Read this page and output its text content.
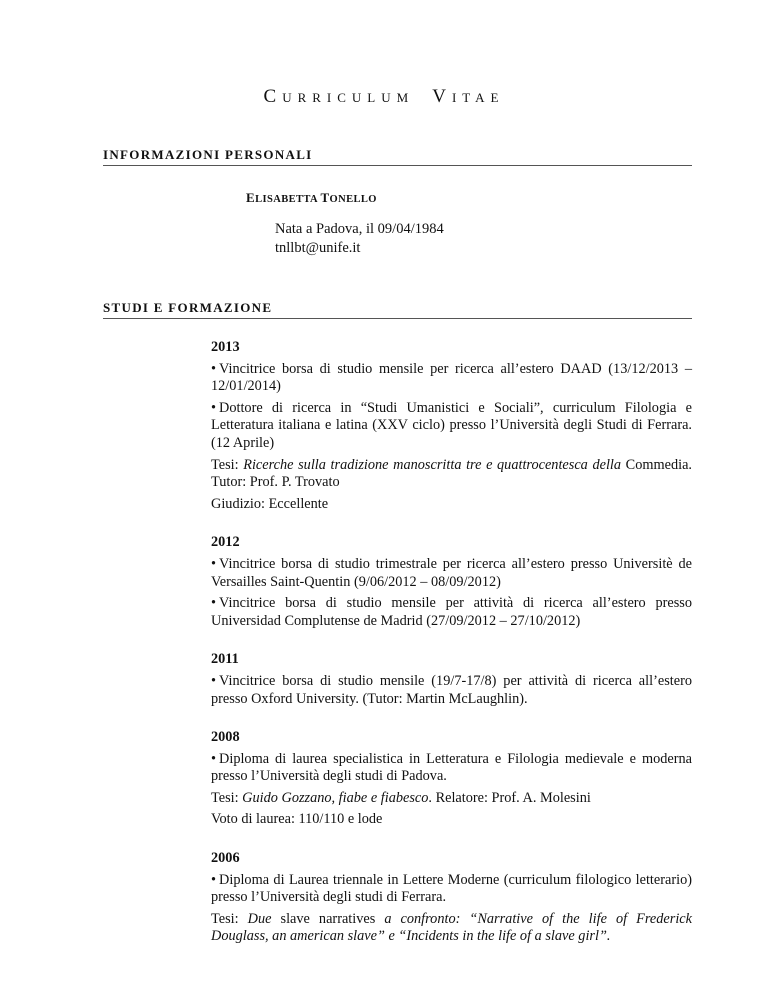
CURRICULUM VITAE
INFORMAZIONI PERSONALI
ELISABETTA TONELLO
Nata a Padova, il 09/04/1984
tnllbt@unife.it
STUDI E FORMAZIONE
2013
• Vincitrice borsa di studio mensile per ricerca all’estero DAAD (13/12/2013 – 12/01/2014)
• Dottore di ricerca in “Studi Umanistici e Sociali”, curriculum Filologia e Letteratura italiana e latina (XXV ciclo) presso l’Università degli Studi di Ferrara. (12 Aprile)
Tesi: Ricerche sulla tradizione manoscritta tre e quattrocentesca della Commedia. Tutor: Prof. P. Trovato
Giudizio: Eccellente
2012
• Vincitrice borsa di studio trimestrale per ricerca all’estero presso Universitè de Versailles Saint-Quentin (9/06/2012 – 08/09/2012)
• Vincitrice borsa di studio mensile per attività di ricerca all’estero presso Universidad Complutense de Madrid (27/09/2012 – 27/10/2012)
2011
• Vincitrice borsa di studio mensile (19/7-17/8) per attività di ricerca all’estero presso Oxford University. (Tutor: Martin McLaughlin).
2008
• Diploma di laurea specialistica in Letteratura e Filologia medievale e moderna presso l’Università degli studi di Padova.
Tesi: Guido Gozzano, fiabe e fiabesco. Relatore: Prof. A. Molesini
Voto di laurea: 110/110 e lode
2006
• Diploma di Laurea triennale in Lettere Moderne (curriculum filologico letterario) presso l’Università degli studi di Ferrara.
Tesi: Due slave narratives a confronto: “Narrative of the life of Frederick Douglass, an american slave” e “Incidents in the life of a slave girl”.
